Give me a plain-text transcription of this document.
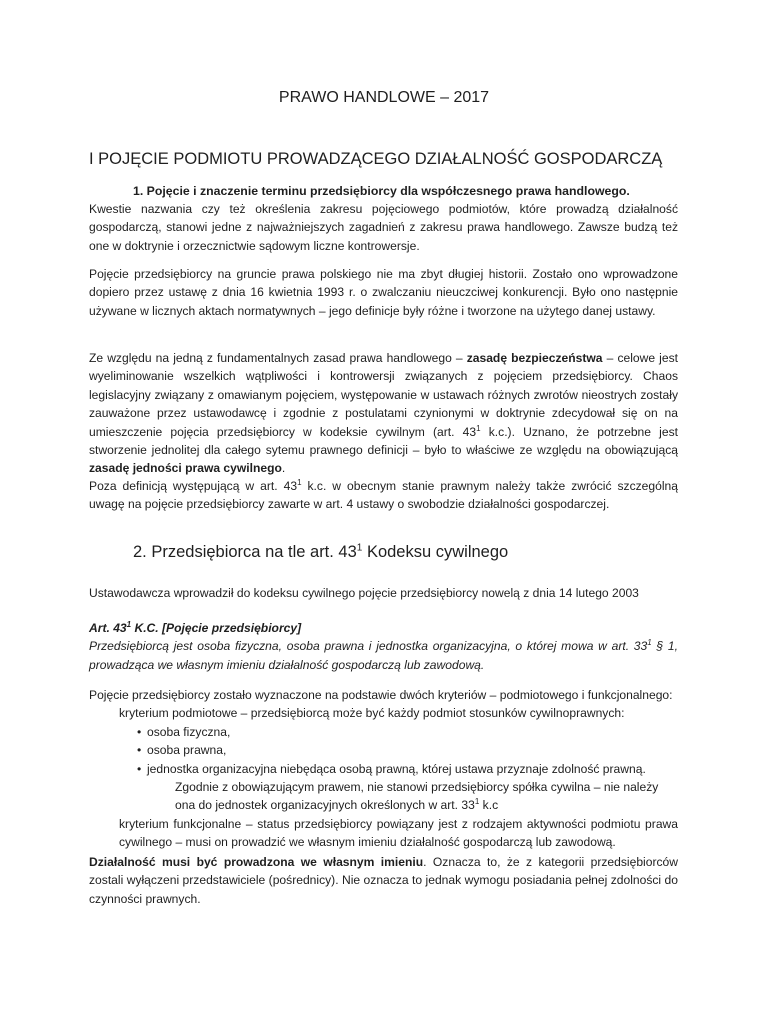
PRAWO HANDLOWE – 2017
I POJĘCIE PODMIOTU PROWADZĄCEGO DZIAŁALNOŚĆ GOSPODARCZĄ
1. Pojęcie i znaczenie terminu przedsiębiorcy dla współczesnego prawa handlowego.

Kwestie nazwania czy też określenia zakresu pojęciowego podmiotów, które prowadzą działalność gospodarczą, stanowi jedne z najważniejszych zagadnień z zakresu prawa handlowego. Zawsze budzą też one w doktrynie i orzecznictwie sądowym liczne kontrowersje.

Pojęcie przedsiębiorcy na gruncie prawa polskiego nie ma zbyt długiej historii. Zostało ono wprowadzone dopiero przez ustawę z dnia 16 kwietnia 1993 r. o zwalczaniu nieuczciwej konkurencji. Było ono następnie używane w licznych aktach normatywnych – jego definicje były różne i tworzone na użytego danej ustawy.

Ze względu na jedną z fundamentalnych zasad prawa handlowego – zasadę bezpieczeństwa – celowe jest wyeliminowanie wszelkich wątpliwości i kontrowersji związanych z pojęciem przedsiębiorcy. Chaos legislacyjny związany z omawianym pojęciem, występowanie w ustawach różnych zwrotów nieostrych zostały zauważone przez ustawodawcę i zgodnie z postulatami czynionymi w doktrynie zdecydował się on na umieszczenie pojęcia przedsiębiorcy w kodeksie cywilnym (art. $43^1$ k.c.). Uznano, że potrzebne jest stworzenie jednolitej dla całego sytemu prawnego definicji – było to właściwe ze względu na obowiązującą zasadę jedności prawa cywilnego.

Poza definicją występującą w art. $43^1$ k.c. w obecnym stanie prawnym należy także zwrócić szczególną uwagę na pojęcie przedsiębiorcy zawarte w art. 4 ustawy o swobodzie działalności gospodarczej.

2. Przedsiębiorca na tle art. $43^1$ Kodeksu cywilnego

Ustawodawcza wprowadził do kodeksu cywilnego pojęcie przedsiębiorcy nowelą z dnia 14 lutego 2003

Art. $43^1$ K.C. [Pojęcie przedsiębiorcy]

Przedsiębiorcą jest osoba fizyczna, osoba prawna i jednostka organizacyjna, o której mowa w art. $33^1$ § 1, prowadząca we własnym imieniu działalność gospodarczą lub zawodową.

Pojęcie przedsiębiorcy zostało wyznaczone na podstawie dwóch kryteriów – podmiotowego i funkcjonalnego:

kryterium podmiotowe – przedsiębiorcą może być każdy podmiot stosunków cywilnoprawnych:

• osoba fizyczna,
• osoba prawna,
• jednostka organizacyjna niebędąca osobą prawną, której ustawa przyznaje zdolność prawną.

Zgodnie z obowiązującym prawem, nie stanowi przedsiębiorcy spółka cywilna – nie należy ona do jednostek organizacyjnych określonych w art. $33^1$ k.c

kryterium funkcjonalne – status przedsiębiorcy powiązany jest z rodzajem aktywności podmiotu prawa cywilnego – musi on prowadzić we własnym imieniu działalność gospodarczą lub zawodową.

Działalność musi być prowadzona we własnym imieniu. Oznacza to, że z kategorii przedsiębiorców zostali wyłączeni przedstawiciele (pośrednicy). Nie oznacza to jednak wymogu posiadania pełnej zdolności do czynności prawnych.
